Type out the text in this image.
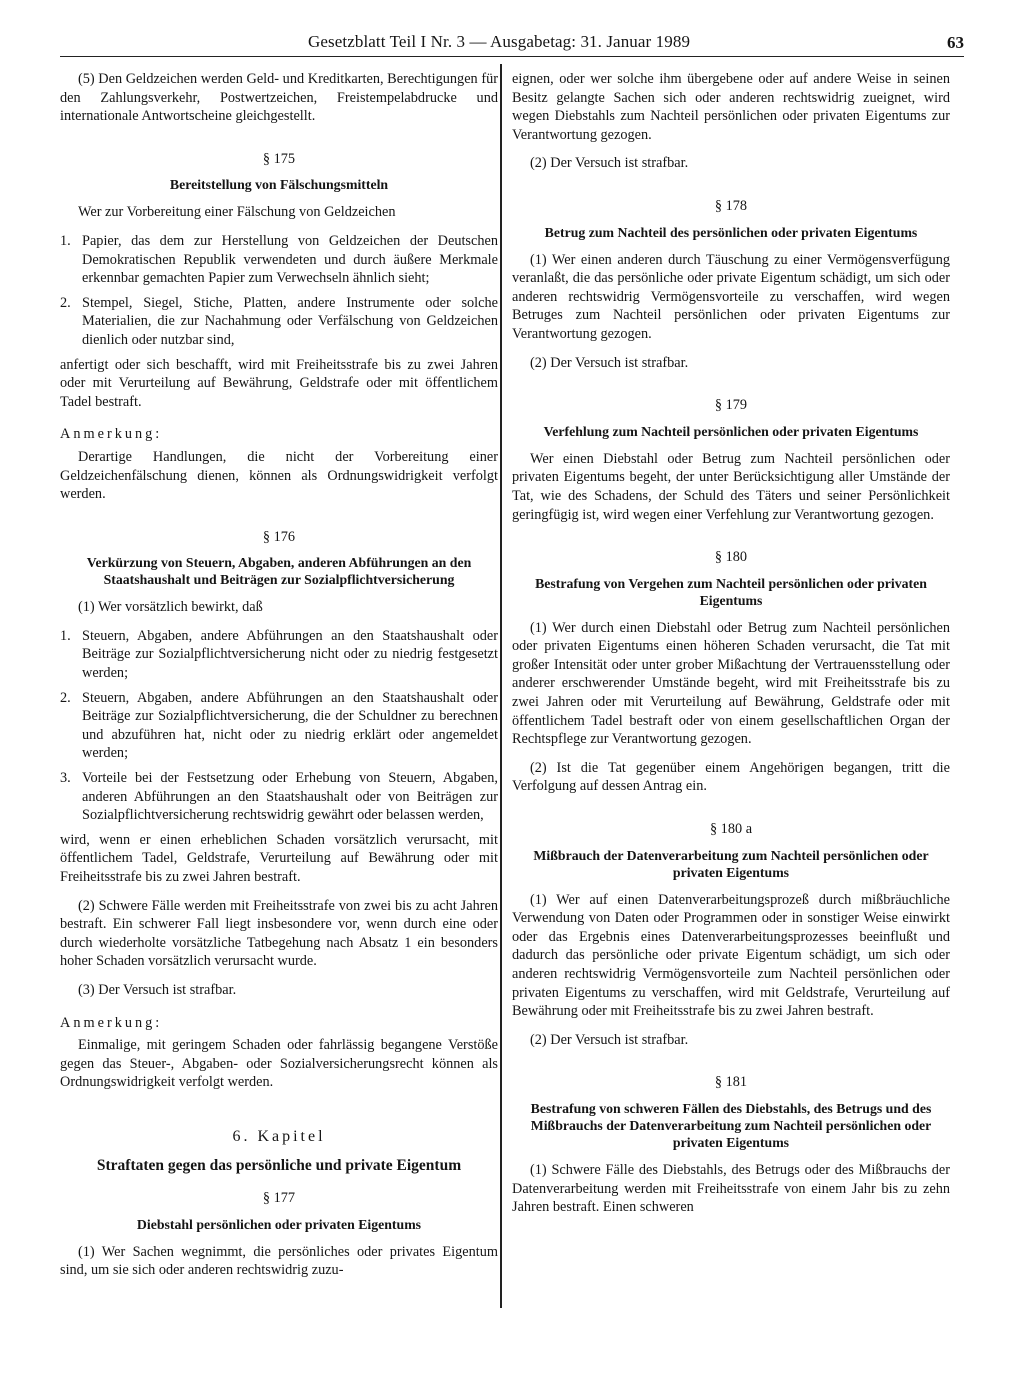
Gesetzblatt Teil I Nr. 3 — Ausgabetag: 31. Januar 1989	63

(5) Den Geldzeichen werden Geld- und Kreditkarten, Berechtigungen für den Zahlungsverkehr, Postwertzeichen, Freistempelabdrucke und internationale Antwortscheine gleichgestellt.

§ 175
Bereitstellung von Fälschungsmitteln

Wer zur Vorbereitung einer Fälschung von Geldzeichen

1. Papier, das dem zur Herstellung von Geldzeichen der Deutschen Demokratischen Republik verwendeten und durch äußere Merkmale erkennbar gemachten Papier zum Verwechseln ähnlich sieht;
2. Stempel, Siegel, Stiche, Platten, andere Instrumente oder solche Materialien, die zur Nachahmung oder Verfälschung von Geldzeichen dienlich oder nutzbar sind,

anfertigt oder sich beschafft, wird mit Freiheitsstrafe bis zu zwei Jahren oder mit Verurteilung auf Bewährung, Geldstrafe oder mit öffentlichem Tadel bestraft.

Anmerkung:

Derartige Handlungen, die nicht der Vorbereitung einer Geldzeichenfälschung dienen, können als Ordnungswidrigkeit verfolgt werden.

§ 176
Verkürzung von Steuern, Abgaben, anderen Abführungen an den Staatshaushalt und Beiträgen zur Sozialpflichtversicherung

(1) Wer vorsätzlich bewirkt, daß

1. Steuern, Abgaben, andere Abführungen an den Staatshaushalt oder Beiträge zur Sozialpflichtversicherung nicht oder zu niedrig festgesetzt werden;
2. Steuern, Abgaben, andere Abführungen an den Staatshaushalt oder Beiträge zur Sozialpflichtversicherung, die der Schuldner zu berechnen und abzuführen hat, nicht oder zu niedrig erklärt oder angemeldet werden;
3. Vorteile bei der Festsetzung oder Erhebung von Steuern, Abgaben, anderen Abführungen an den Staatshaushalt oder von Beiträgen zur Sozialpflichtversicherung rechtswidrig gewährt oder belassen werden,

wird, wenn er einen erheblichen Schaden vorsätzlich verursacht, mit öffentlichem Tadel, Geldstrafe, Verurteilung auf Bewährung oder mit Freiheitsstrafe bis zu zwei Jahren bestraft.

(2) Schwere Fälle werden mit Freiheitsstrafe von zwei bis zu acht Jahren bestraft. Ein schwerer Fall liegt insbesondere vor, wenn durch eine oder durch wiederholte vorsätzliche Tatbegehung nach Absatz 1 ein besonders hoher Schaden vorsätzlich verursacht wurde.

(3) Der Versuch ist strafbar.

Anmerkung:

Einmalige, mit geringem Schaden oder fahrlässig begangene Verstöße gegen das Steuer-, Abgaben- oder Sozialversicherungsrecht können als Ordnungswidrigkeit verfolgt werden.

6. Kapitel
Straftaten gegen das persönliche und private Eigentum
§ 177
Diebstahl persönlichen oder privaten Eigentums

(1) Wer Sachen wegnimmt, die persönliches oder privates Eigentum sind, um sie sich oder anderen rechtswidrig zuzu-

eignen, oder wer solche ihm übergebene oder auf andere Weise in seinen Besitz gelangte Sachen sich oder anderen rechtswidrig zueignet, wird wegen Diebstahls zum Nachteil persönlichen oder privaten Eigentums zur Verantwortung gezogen.

(2) Der Versuch ist strafbar.

§ 178
Betrug zum Nachteil des persönlichen oder privaten Eigentums

(1) Wer einen anderen durch Täuschung zu einer Vermögensverfügung veranlaßt, die das persönliche oder private Eigentum schädigt, um sich oder anderen rechtswidrig Vermögensvorteile zu verschaffen, wird wegen Betruges zum Nachteil persönlichen oder privaten Eigentums zur Verantwortung gezogen.

(2) Der Versuch ist strafbar.

§ 179
Verfehlung zum Nachteil persönlichen oder privaten Eigentums

Wer einen Diebstahl oder Betrug zum Nachteil persönlichen oder privaten Eigentums begeht, der unter Berücksichtigung aller Umstände der Tat, wie des Schadens, der Schuld des Täters und seiner Persönlichkeit geringfügig ist, wird wegen einer Verfehlung zur Verantwortung gezogen.

§ 180
Bestrafung von Vergehen zum Nachteil persönlichen oder privaten Eigentums

(1) Wer durch einen Diebstahl oder Betrug zum Nachteil persönlichen oder privaten Eigentums einen höheren Schaden verursacht, die Tat mit großer Intensität oder unter grober Mißachtung der Vertrauensstellung oder anderer erschwerender Umstände begeht, wird mit Freiheitsstrafe bis zu zwei Jahren oder mit Verurteilung auf Bewährung, Geldstrafe oder mit öffentlichem Tadel bestraft oder von einem gesellschaftlichen Organ der Rechtspflege zur Verantwortung gezogen.

(2) Ist die Tat gegenüber einem Angehörigen begangen, tritt die Verfolgung auf dessen Antrag ein.

§ 180 a
Mißbrauch der Datenverarbeitung zum Nachteil persönlichen oder privaten Eigentums

(1) Wer auf einen Datenverarbeitungsprozeß durch mißbräuchliche Verwendung von Daten oder Programmen oder in sonstiger Weise einwirkt oder das Ergebnis eines Datenverarbeitungsprozesses beeinflußt und dadurch das persönliche oder private Eigentum schädigt, um sich oder anderen rechtswidrig Vermögensvorteile zum Nachteil persönlichen oder privaten Eigentums zu verschaffen, wird mit Geldstrafe, Verurteilung auf Bewährung oder mit Freiheitsstrafe bis zu zwei Jahren bestraft.

(2) Der Versuch ist strafbar.

§ 181
Bestrafung von schweren Fällen des Diebstahls, des Betrugs und des Mißbrauchs der Datenverarbeitung zum Nachteil persönlichen oder privaten Eigentums

(1) Schwere Fälle des Diebstahls, des Betrugs oder des Mißbrauchs der Datenverarbeitung werden mit Freiheitsstrafe von einem Jahr bis zu zehn Jahren bestraft. Einen schweren
